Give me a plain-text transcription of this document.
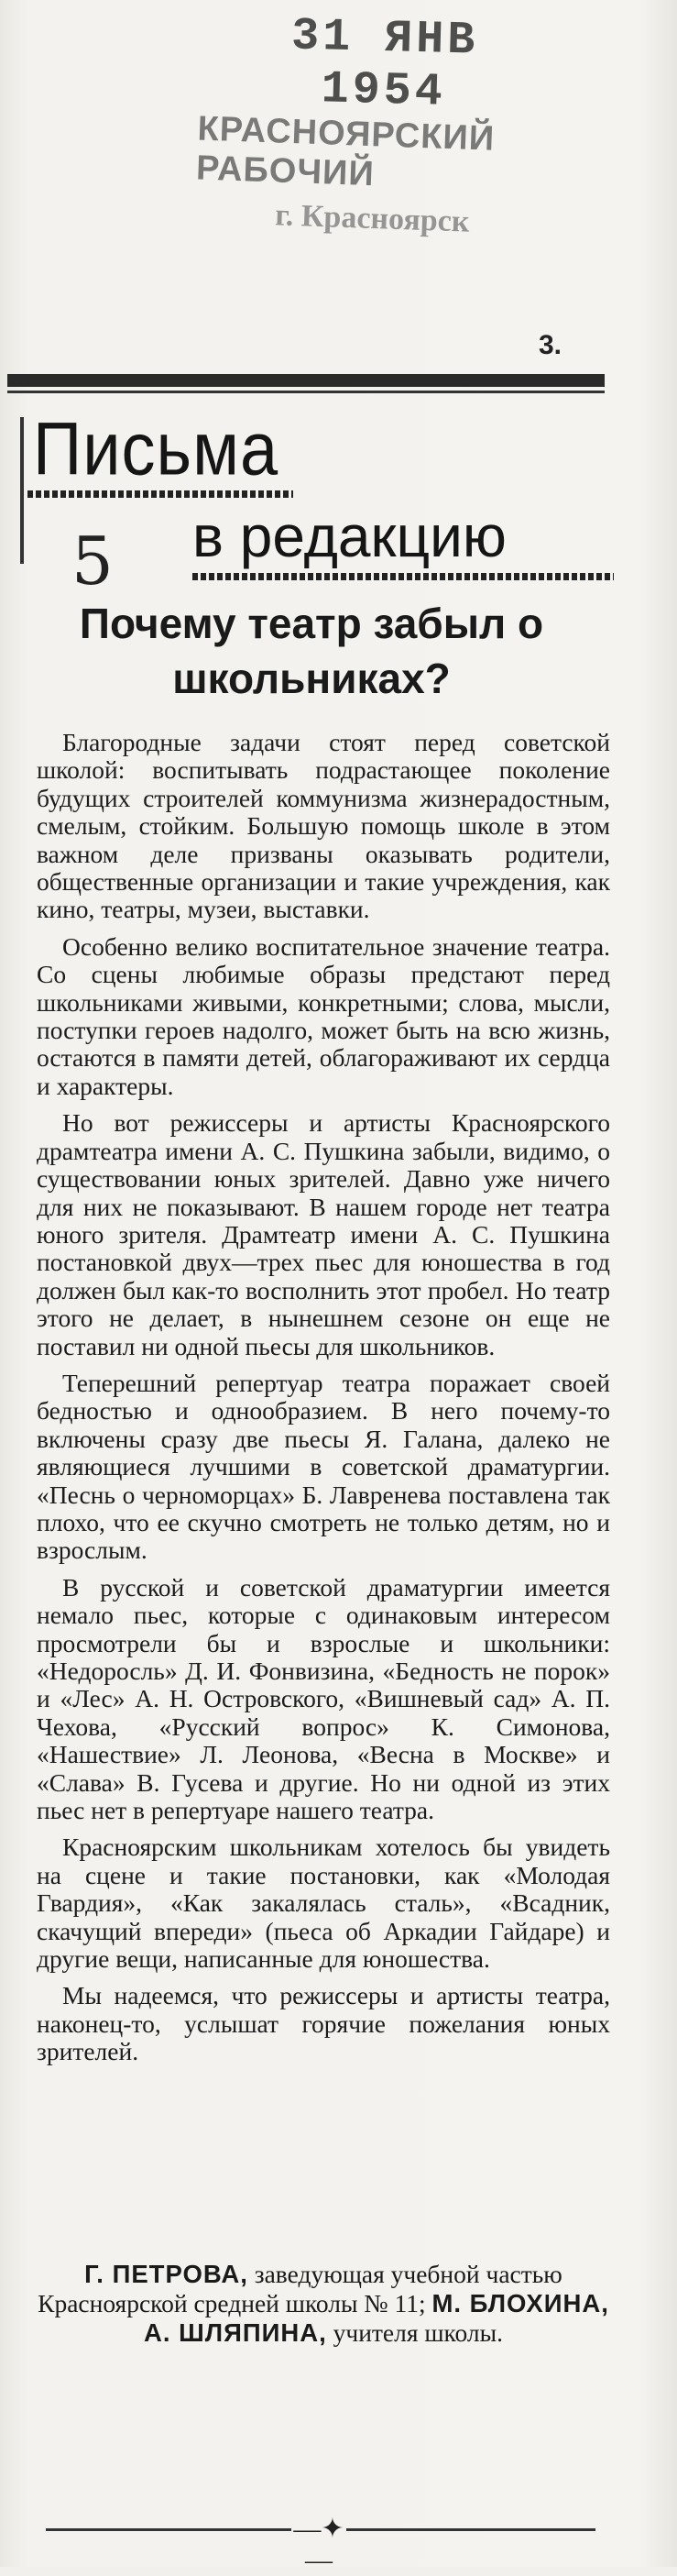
31 ЯНВ 1954
КРАСНОЯРСКИЙ РАБОЧИЙ
г. Красноярск
3.
Письма
5 в редакцию
Почему театр забыл о школьниках?

Благородные задачи стоят перед советской школой: воспитывать подрастающее поколение будущих строителей коммунизма жизнерадостным, смелым, стойким. Большую помощь школе в этом важном деле призваны оказывать родители, общественные организации и такие учреждения, как кино, театры, музеи, выставки.

Особенно велико воспитательное значение театра. Со сцены любимые образы предстают перед школьниками живыми, конкретными; слова, мысли, поступки героев надолго, может быть на всю жизнь, остаются в памяти детей, облагораживают их сердца и характеры.

Но вот режиссеры и артисты Красноярского драмтеатра имени А. С. Пушкина забыли, видимо, о существовании юных зрителей. Давно уже ничего для них не показывают. В нашем городе нет театра юного зрителя. Драмтеатр имени А. С. Пушкина постановкой двух—трех пьес для юношества в год должен был как-то восполнить этот пробел. Но театр этого не делает, в нынешнем сезоне он еще не поставил ни одной пьесы для школьников.

Теперешний репертуар театра поражает своей бедностью и однообразием. В него почему-то включены сразу две пьесы Я. Галана, далеко не являющиеся лучшими в советской драматургии. «Песнь о черноморцах» Б. Лавренева поставлена так плохо, что ее скучно смотреть не только детям, но и взрослым.

В русской и советской драматургии имеется немало пьес, которые с одинаковым интересом просмотрели бы и взрослые и школьники: «Недоросль» Д. И. Фонвизина, «Бедность не порок» и «Лес» А. Н. Островского, «Вишневый сад» А. П. Чехова, «Русский вопрос» К. Симонова, «Нашествие» Л. Леонова, «Весна в Москве» и «Слава» В. Гусева и другие. Но ни одной из этих пьес нет в репертуаре нашего театра.

Красноярским школьникам хотелось бы увидеть на сцене и такие постановки, как «Молодая Гвардия», «Как закалялась сталь», «Всадник, скачущий впереди» (пьеса об Аркадии Гайдаре) и другие вещи, написанные для юношества.

Мы надеемся, что режиссеры и артисты театра, наконец-то, услышат горячие пожелания юных зрителей.

Г. ПЕТРОВА, заведующая учебной частью Красноярской средней школы № 11; М. БЛОХИНА, А. ШЛЯПИНА, учителя школы.
—✦—
